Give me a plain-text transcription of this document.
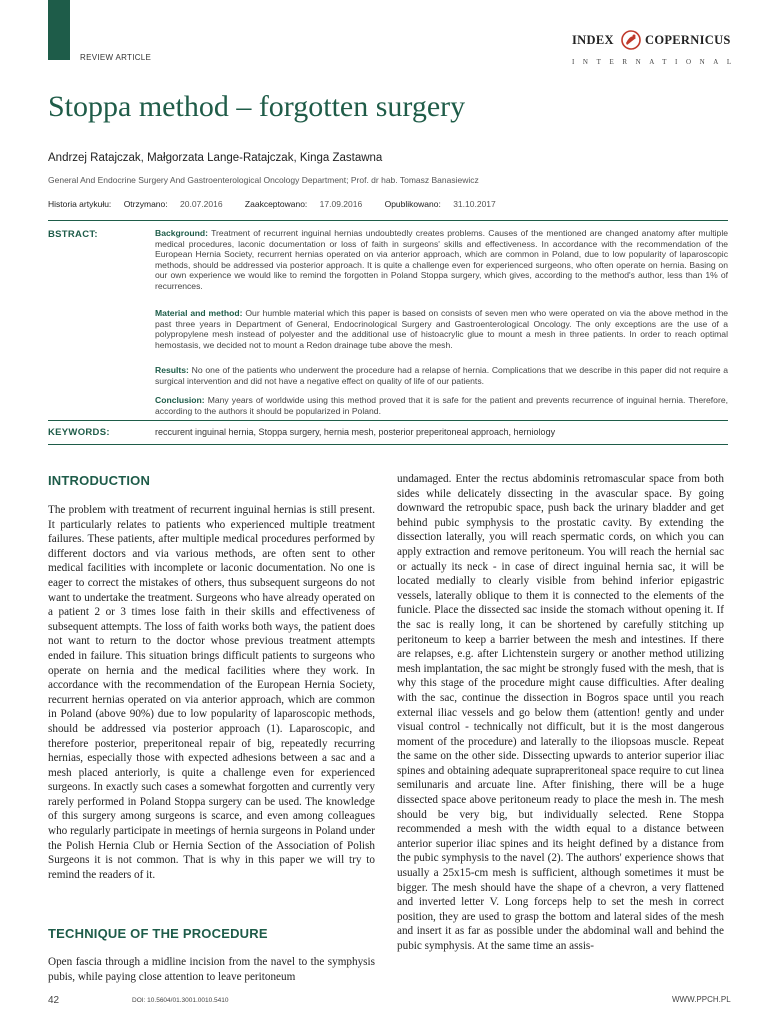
REVIEW ARTICLE
INDEX COPERNICUS
INTERNATIONAL
Stoppa method – forgotten surgery
Andrzej Ratajczak, Małgorzata Lange-Ratajczak, Kinga Zastawna
General And Endocrine Surgery And Gastroenterological Oncology Department; Prof. dr hab. Tomasz Banasiewicz
Historia artykułu: Otrzymano: 20.07.2016	Zaakceptowano: 17.09.2016	Opublikowano: 31.10.2017
BSTRACT:	Background: Treatment of recurrent inguinal hernias undoubtedly creates problems. Causes of the mentioned are changed anatomy after multiple medical procedures, laconic documentation or loss of faith in surgeons' skills and effectiveness. In accordance with the recommendation of the European Hernia Society, recurrent hernias operated on via anterior approach, which are common in Poland, due to low popularity of laparoscopic methods, should be addressed via posterior approach. It is quite a challenge even for experienced surgeons, who often operate on hernia. Basing on our own experience we would like to remind the forgotten in Poland Stoppa surgery, which gives, according to the method's author, less than 1% of recurrences.

Material and method: Our humble material which this paper is based on consists of seven men who were operated on via the above method in the past three years in Department of General, Endocrinological Surgery and Gastroenterological Oncology. The only exceptions are the use of a polypropylene mesh instead of polyester and the additional use of histoacrylic glue to mount a mesh in three patients. In order to reach optimal hemostasis, we decided not to mount a Redon drainage tube above the mesh.

Results: No one of the patients who underwent the procedure had a relapse of hernia. Complications that we describe in this paper did not require a surgical intervention and did not have a negative effect on quality of life of our patients.

Conclusion: Many years of worldwide using this method proved that it is safe for the patient and prevents recurrence of inguinal hernia. Therefore, according to the authors it should be popularized in Poland.

KEYWORDS:	reccurent inguinal hernia, Stoppa surgery, hernia mesh, posterior preperitoneal approach, herniology
INTRODUCTION

The problem with treatment of recurrent inguinal hernias is still present. It particularly relates to patients who experienced multiple treatment failures. These patients, after multiple medical procedures performed by different doctors and via various methods, are often sent to other medical facilities with incomplete or laconic documentation. No one is eager to correct the mistakes of others, thus subsequent surgeons do not want to undertake the treatment. Surgeons who have already operated on a patient 2 or 3 times lose faith in their skills and effectiveness of subsequent attempts. The loss of faith works both ways, the patient does not want to return to the doctor whose previous treatment attempts ended in failure. This situation brings difficult patients to surgeons who operate on hernia and the medical facilities where they work. In accordance with the recommendation of the European Hernia Society, recurrent hernias operated on via anterior approach, which are common in Poland (above 90%) due to low popularity of laparoscopic methods, should be addressed via posterior approach (1). Laparoscopic, and therefore posterior, preperitoneal repair of big, repeatedly recurring hernias, especially those with expected adhesions between a sac and a mesh placed anteriorly, is quite a challenge even for experienced surgeons. In exactly such cases a somewhat forgotten and currently very rarely performed in Poland Stoppa surgery can be used. The knowledge of this surgery among surgeons is scarce, and even among colleagues who regularly participate in meetings of hernia surgeons in Poland under the Polish Hernia Club or Hernia Section of the Association of Polish Surgeons it is not common. That is why in this paper we will try to remind the readers of it.

TECHNIQUE OF THE PROCEDURE

Open fascia through a midline incision from the navel to the symphysis pubis, while paying close attention to leave peritoneum

undamaged. Enter the rectus abdominis retromascular space from both sides while delicately dissecting in the avascular space. By going downward the retropubic space, push back the urinary bladder and get behind pubic symphysis to the prostatic cavity. By extending the dissection laterally, you will reach spermatic cords, on which you can apply extraction and remove peritoneum. You will reach the hernial sac or actually its neck - in case of direct inguinal hernia sac, it will be located medially to clearly visible from behind inferior epigastric vessels, laterally oblique to them it is connected to the elements of the funicle. Place the dissected sac inside the stomach without opening it. If the sac is really long, it can be shortened by carefully stitching up peritoneum to keep a barrier between the mesh and intestines. If there are relapses, e.g. after Lichtenstein surgery or another method utilizing mesh implantation, the sac might be strongly fused with the mesh, that is why this stage of the procedure might cause difficulties. After dealing with the sac, continue the dissection in Bogros space until you reach external iliac vessels and go below them (attention! gently and under visual control - technically not difficult, but it is the most dangerous moment of the procedure) and laterally to the iliopsoas muscle. Repeat the same on the other side. Dissecting upwards to anterior superior iliac spines and obtaining adequate suprapreritoneal space require to cut linea semilunaris and arcuate line. After finishing, there will be a huge dissected space above peritoneum ready to place the mesh in. The mesh should be very big, but individually selected. Rene Stoppa recommended a mesh with the width equal to a distance between anterior superior iliac spines and its height defined by a distance from the pubic symphysis to the navel (2). The authors' experience shows that usually a 25x15-cm mesh is sufficient, although sometimes it must be bigger. The mesh should have the shape of a chevron, a very flattened and inverted letter V. Long forceps help to set the mesh in correct position, they are used to grasp the bottom and lateral sides of the mesh and insert it as far as possible under the abdominal wall and behind the pubic symphysis. At the same time an assis-

42	DOI: 10.5604/01.3001.0010.5410	WWW.PPCH.PL
